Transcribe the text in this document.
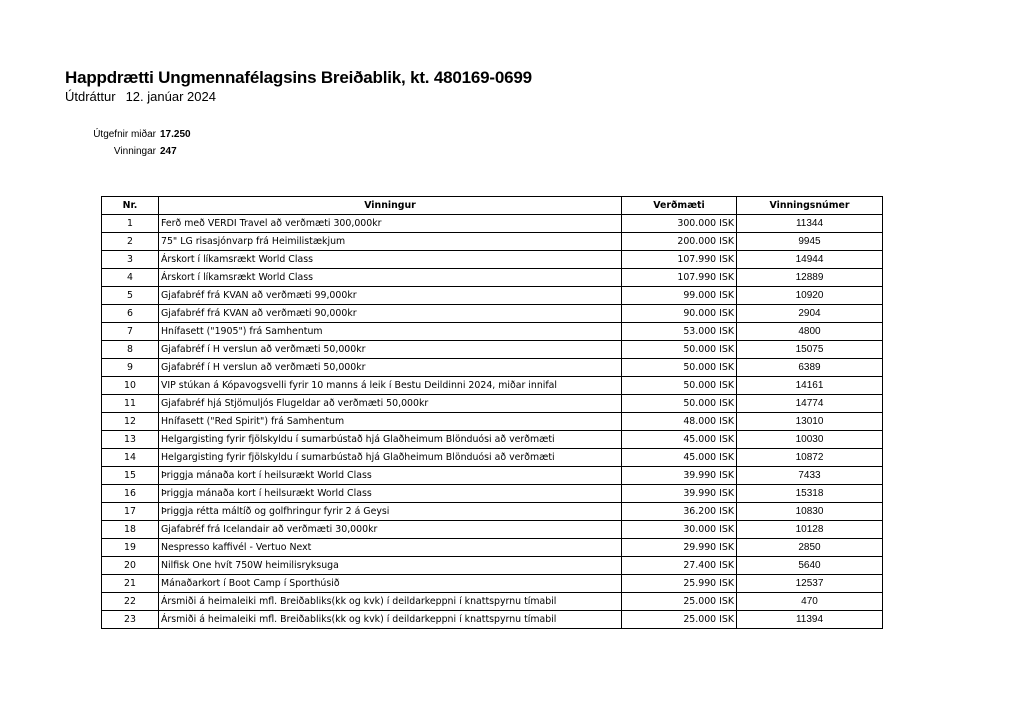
Happdrætti Ungmennafélagsins Breiðablik, kt. 480169-0699
Útdráttur 12. janúar 2024
Útgefnir miðar 17.250
Vinningar 247
Nr.	Vinningur	Verðmæti	Vinningsnúmer
1	Ferð með VERDI Travel að verðmæti 300,000kr	300.000 ISK	11344
2	75" LG risasjónvarp frá Heimilistækjum	200.000 ISK	9945
3	Árskort í líkamsrækt World Class	107.990 ISK	14944
4	Árskort í líkamsrækt World Class	107.990 ISK	12889
5	Gjafabréf frá KVAN að verðmæti 99,000kr	99.000 ISK	10920
6	Gjafabréf frá KVAN að verðmæti 90,000kr	90.000 ISK	2904
7	Hnífasett ("1905") frá Samhentum	53.000 ISK	4800
8	Gjafabréf í H verslun að verðmæti 50,000kr	50.000 ISK	15075
9	Gjafabréf í H verslun að verðmæti 50,000kr	50.000 ISK	6389
10	VIP stúkan á Kópavogsvelli fyrir 10 manns á leik í Bestu Deildinni 2024, miðar innifal	50.000 ISK	14161
11	Gjafabréf hjá Stjömuljós Flugeldar að verðmæti 50,000kr	50.000 ISK	14774
12	Hnífasett ("Red Spirit") frá Samhentum	48.000 ISK	13010
13	Helgargisting fyrir fjölskyldu í sumarbústað hjá Glaðheimum Blönduósi að verðmæti	45.000 ISK	10030
14	Helgargisting fyrir fjölskyldu í sumarbústað hjá Glaðheimum Blönduósi að verðmæti	45.000 ISK	10872
15	Þriggja mánaða kort í heilsurækt World Class	39.990 ISK	7433
16	Þriggja mánaða kort í heilsurækt World Class	39.990 ISK	15318
17	Þriggja rétta máltíð og golfhringur fyrir 2 á Geysi	36.200 ISK	10830
18	Gjafabréf frá Icelandair að verðmæti 30,000kr	30.000 ISK	10128
19	Nespresso kaffivél - Vertuo Next	29.990 ISK	2850
20	Nilfisk One hvít 750W heimilisryksuga	27.400 ISK	5640
21	Mánaðarkort í Boot Camp í Sporthúsið	25.990 ISK	12537
22	Ársmiði á heimaleiki mfl. Breiðabliks(kk og kvk) í deildarkeppni í knattspyrnu tímabil	25.000 ISK	470
23	Ársmiði á heimaleiki mfl. Breiðabliks(kk og kvk) í deildarkeppni í knattspyrnu tímabil	25.000 ISK	11394
